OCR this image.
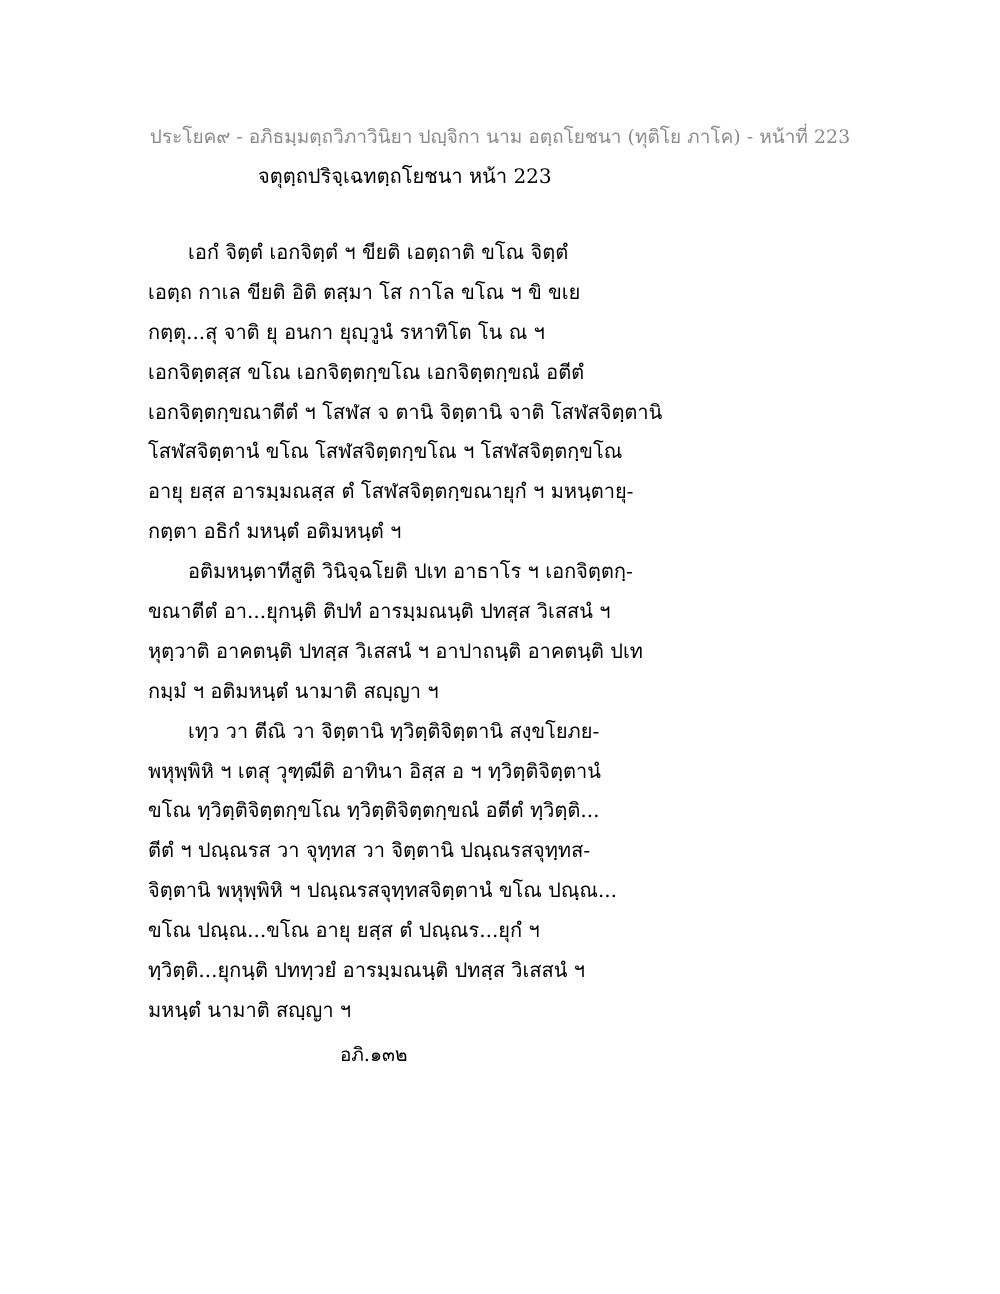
ประโยค๙ - อภิธมฺมตฺถวิภาวินิยา ปญฺจิกา นาม อตฺถโยชนา (ทุติโย ภาโค) - หน้าที่ 223
จตุตฺถปริจฺเฉทตฺถโยชนา หน้า 223
เอกํ จิตฺตํ เอกจิตฺตํ ฯ ขียติ เอตฺถาติ ขโณ จิตฺตํ
เอตฺถ กาเล ขียติ อิติ ตสฺมา โส กาโล ขโณ ฯ ขิ ขเย
กตฺตุ...สุ จาติ ยุ อนกา ยุญฺวูนํ รหาทิโต โน ณ ฯ
เอกจิตฺตสฺส ขโณ เอกจิตฺตกฺขโณ เอกจิตฺตกฺขณํ อตีตํ
เอกจิตฺตกฺขณาตีตํ ฯ โสฬส จ ตานิ จิตฺตานิ จาติ โสฬสจิตฺตานิ
โสฬสจิตฺตานํ ขโณ โสฬสจิตฺตกฺขโณ ฯ โสฬสจิตฺตกฺขโณ
อายุ ยสฺส อารมฺมณสฺส ตํ โสฬสจิตฺตกฺขณายุกํ ฯ มหนฺตายุ-
กตฺตา อธิกํ มหนฺตํ อติมหนฺตํ ฯ
อติมหนฺตาทีสูติ วินิจฺฉโยติ ปเท อาธาโร ฯ เอกจิตฺตกฺ-
ขณาตีตํ อา...ยุกนฺติ ติปทํ อารมฺมณนฺติ ปทสฺส วิเสสนํ ฯ
หุตฺวาติ อาคตนฺติ ปทสฺส วิเสสนํ ฯ อาปาถนฺติ อาคตนฺติ ปเท
กมฺมํ ฯ อติมหนฺตํ นามาติ สญฺญา ฯ
เทฺว วา ตีณิ วา จิตฺตานิ ทฺวิตฺติจิตฺตานิ สงฺขโยภย-
พหุพฺพิหิ ฯ เตสุ วุฑฺฒีติ อาทินา อิสฺส อ ฯ ทฺวิตฺติจิตฺตานํ
ขโณ ทฺวิตฺติจิตฺตกฺขโณ ทฺวิตฺติจิตฺตกฺขณํ อตีตํ ทฺวิตฺติ...
ตีตํ ฯ ปณฺณรส วา จุทฺทส วา จิตฺตานิ ปณฺณรสจุทฺทส-
จิตฺตานิ พหุพฺพิหิ ฯ ปณฺณรสจุทฺทสจิตฺตานํ ขโณ ปณฺณ...
ขโณ ปณฺณ...ขโณ อายุ ยสฺส ตํ ปณฺณร...ยุกํ ฯ
ทฺวิตฺติ...ยุกนฺติ ปททฺวยํ อารมฺมณนฺติ ปทสฺส วิเสสนํ ฯ
มหนฺตํ นามาติ สญฺญา ฯ
อภิ.๑๓๒
